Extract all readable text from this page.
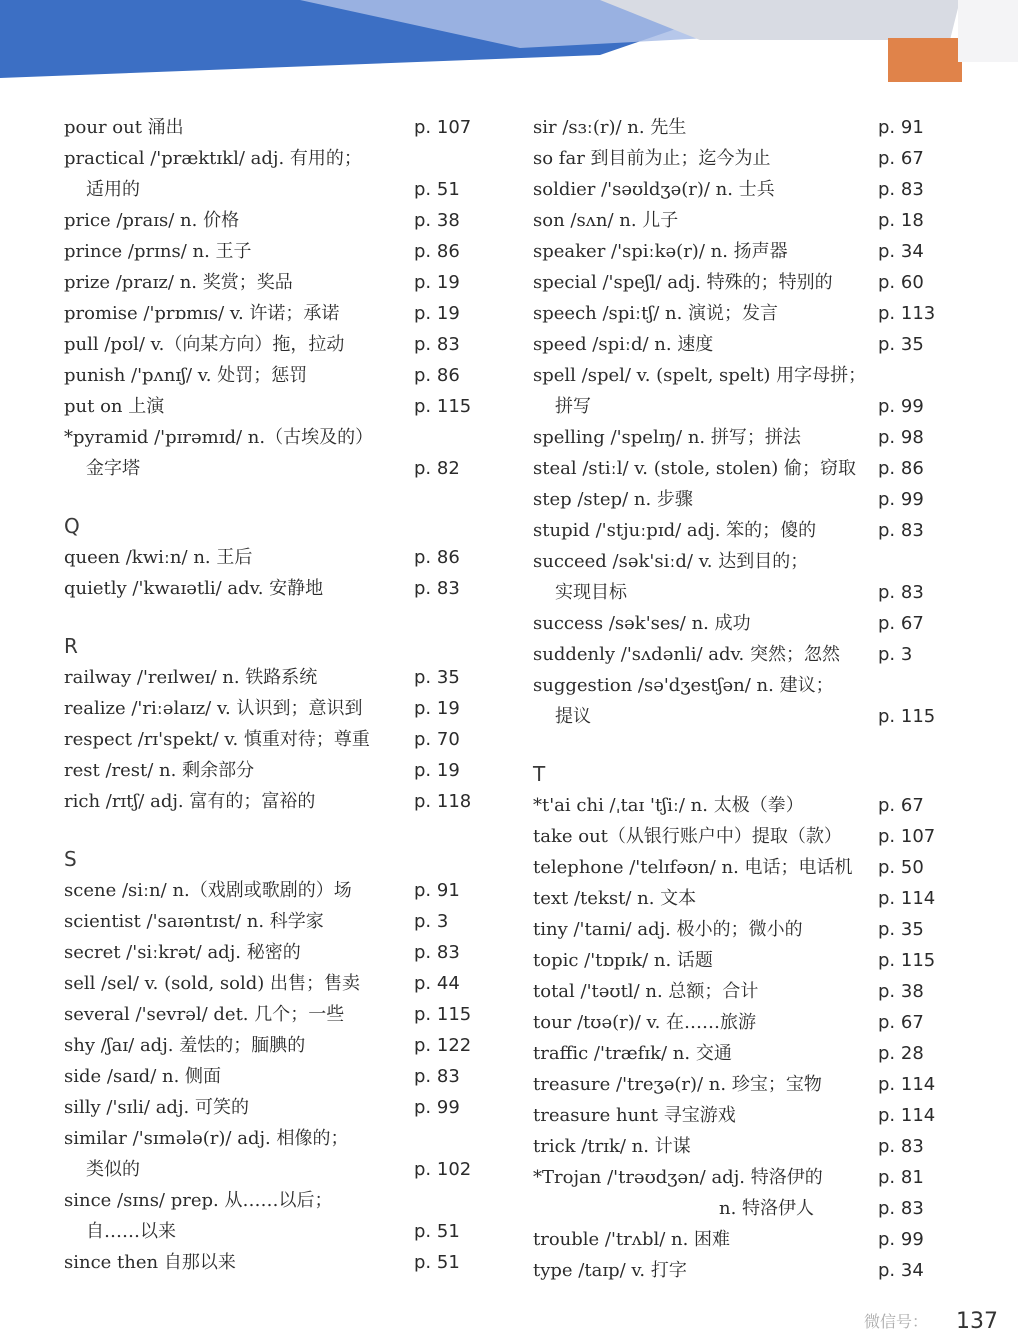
pour out 涌出	p. 107
practical /'præktɪkl/ adj. 有用的；
适用的	p. 51
price /praɪs/ n. 价格	p. 38
prince /prɪns/ n. 王子	p. 86
prize /praɪz/ n. 奖赏；奖品	p. 19
promise /'prɒmɪs/ v. 许诺；承诺	p. 19
pull /pʊl/ v.（向某方向）拖，拉动	p. 83
punish /'pʌnɪʃ/ v. 处罚；惩罚	p. 86
put on 上演	p. 115
*pyramid /'pɪrəmɪd/ n.（古埃及的）
金字塔	p. 82
Q
queen /kwiːn/ n. 王后	p. 86
quietly /'kwaɪətli/ adv. 安静地	p. 83
R
railway /'reɪlweɪ/ n. 铁路系统	p. 35
realize /'riːəlaɪz/ v. 认识到；意识到	p. 19
respect /rɪ'spekt/ v. 慎重对待；尊重	p. 70
rest /rest/ n. 剩余部分	p. 19
rich /rɪtʃ/ adj. 富有的；富裕的	p. 118
S
scene /siːn/ n.（戏剧或歌剧的）场	p. 91
scientist /'saɪəntɪst/ n. 科学家	p. 3
secret /'siːkrət/ adj. 秘密的	p. 83
sell /sel/ v. (sold, sold) 出售；售卖	p. 44
several /'sevrəl/ det. 几个；一些	p. 115
shy /ʃaɪ/ adj. 羞怯的；腼腆的	p. 122
side /saɪd/ n. 侧面	p. 83
silly /'sɪli/ adj. 可笑的	p. 99
similar /'sɪmələ(r)/ adj. 相像的；
类似的	p. 102
since /sɪns/ prep. 从……以后；
自……以来	p. 51
since then 自那以来	p. 51
sir /sɜː(r)/ n. 先生	p. 91
so far 到目前为止；迄今为止	p. 67
soldier /'səʊldʒə(r)/ n. 士兵	p. 83
son /sʌn/ n. 儿子	p. 18
speaker /'spiːkə(r)/ n. 扬声器	p. 34
special /'speʃl/ adj. 特殊的；特别的	p. 60
speech /spiːtʃ/ n. 演说；发言	p. 113
speed /spiːd/ n. 速度	p. 35
spell /spel/ v. (spelt, spelt) 用字母拼；
拼写	p. 99
spelling /'spelɪŋ/ n. 拼写；拼法	p. 98
steal /stiːl/ v. (stole, stolen) 偷；窃取	p. 86
step /step/ n. 步骤	p. 99
stupid /'stjuːpɪd/ adj. 笨的；傻的	p. 83
succeed /sək'siːd/ v. 达到目的；
实现目标	p. 83
success /sək'ses/ n. 成功	p. 67
suddenly /'sʌdənli/ adv. 突然；忽然	p. 3
suggestion /sə'dʒestʃən/ n. 建议；
提议	p. 115
T
*t'ai chi /ˌtaɪ 'tʃiː/ n. 太极（拳）	p. 67
take out（从银行账户中）提取（款）	p. 107
telephone /'telɪfəʊn/ n. 电话；电话机	p. 50
text /tekst/ n. 文本	p. 114
tiny /'taɪni/ adj. 极小的；微小的	p. 35
topic /'tɒpɪk/ n. 话题	p. 115
total /'təʊtl/ n. 总额；合计	p. 38
tour /tʊə(r)/ v. 在……旅游	p. 67
traffic /'træfɪk/ n. 交通	p. 28
treasure /'treʒə(r)/ n. 珍宝；宝物	p. 114
treasure hunt 寻宝游戏	p. 114
trick /trɪk/ n. 计谋	p. 83
*Trojan /'trəʊdʒən/ adj. 特洛伊的	p. 81
n. 特洛伊人	p. 83
trouble /'trʌbl/ n. 困难	p. 99
type /taɪp/ v. 打字	p. 34
微信号： 137
